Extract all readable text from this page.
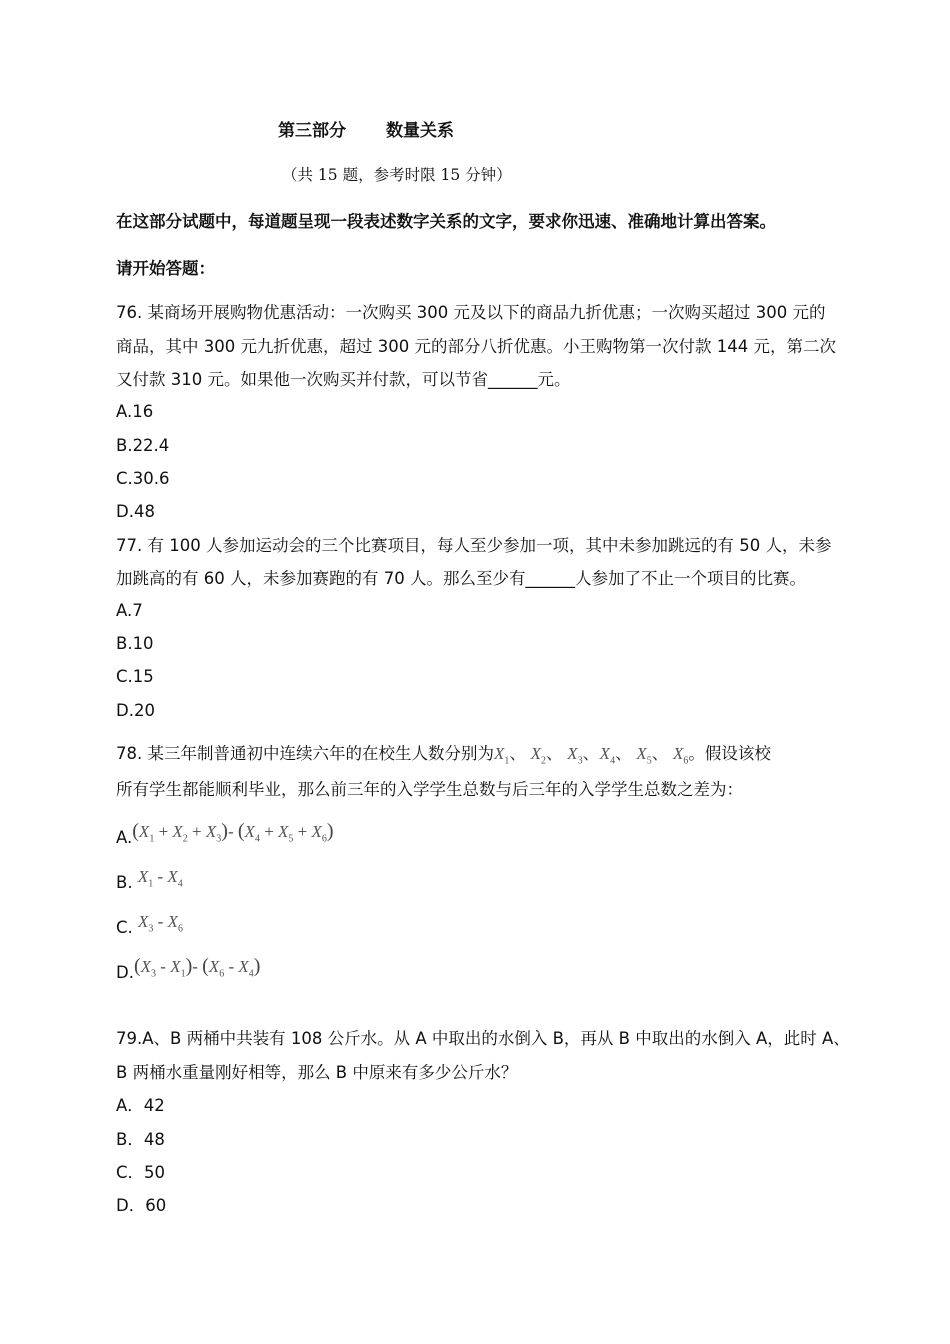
第三部分 数量关系
（共 15 题，参考时限 15 分钟）
在这部分试题中，每道题呈现一段表述数字关系的文字，要求你迅速、准确地计算出答案。
请开始答题：
76. 某商场开展购物优惠活动：一次购买 300 元及以下的商品九折优惠；一次购买超过 300 元的
商品，其中 300 元九折优惠，超过 300 元的部分八折优惠。小王购物第一次付款 144 元，第二次
又付款 310 元。如果他一次购买并付款，可以节省______元。
A.16
B.22.4
C.30.6
D.48
77. 有 100 人参加运动会的三个比赛项目，每人至少参加一项，其中未参加跳远的有 50 人，未参
加跳高的有 60 人，未参加赛跑的有 70 人。那么至少有______人参加了不止一个项目的比赛。
A.7
B.10
C.15
D.20
78. 某三年制普通初中连续六年的在校生人数分别为$X_1$、 $X_2$、 $X_3$、$X_4$、 $X_5$、 $X_6$。假设该校
所有学生都能顺利毕业，那么前三年的入学学生总数与后三年的入学学生总数之差为：
$A.(X_1 + X_2 + X_3)-$ $(X_4 + X_5 + X_6)$
B. $X_1 - X_4$
C. $X_3 - X_6$
$D.(X_3 - X_1)-$ $(X_6 - X_4)$
79.A、B 两桶中共装有 108 公斤水。从 A 中取出的水倒入 B，再从 B 中取出的水倒入 A，此时 A、
B 两桶水重量刚好相等，那么 B 中原来有多少公斤水？
A．42
B．48
C．50
D．60
